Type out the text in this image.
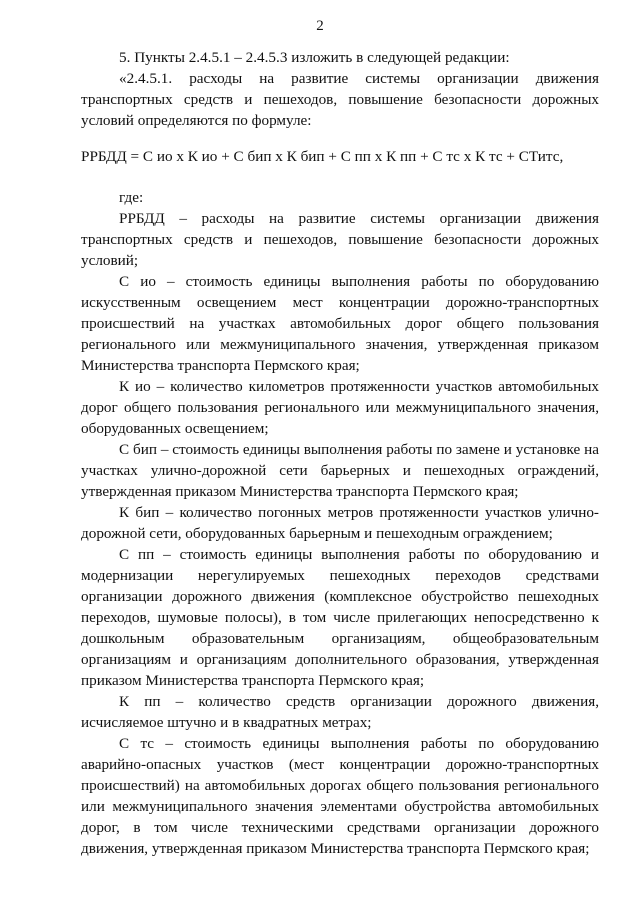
2

5. Пункты 2.4.5.1 – 2.4.5.3 изложить в следующей редакции:

«2.4.5.1. расходы на развитие системы организации движения транспортных средств и пешеходов, повышение безопасности дорожных условий определяются по формуле:

РРБДД = С ио х К ио + С бип х К бип + С пп х К пп + С тс х К тс + СТитс,

где:

РРБДД – расходы на развитие системы организации движения транспортных средств и пешеходов, повышение безопасности дорожных условий;

С ио – стоимость единицы выполнения работы по оборудованию искусственным освещением мест концентрации дорожно-транспортных происшествий на участках автомобильных дорог общего пользования регионального или межмуниципального значения, утвержденная приказом Министерства транспорта Пермского края;

К ио – количество километров протяженности участков автомобильных дорог общего пользования регионального или межмуниципального значения, оборудованных освещением;

С бип – стоимость единицы выполнения работы по замене и установке на участках улично-дорожной сети барьерных и пешеходных ограждений, утвержденная приказом Министерства транспорта Пермского края;

К бип – количество погонных метров протяженности участков улично-дорожной сети, оборудованных барьерным и пешеходным ограждением;

С пп – стоимость единицы выполнения работы по оборудованию и модернизации нерегулируемых пешеходных переходов средствами организации дорожного движения (комплексное обустройство пешеходных переходов, шумовые полосы), в том числе прилегающих непосредственно к дошкольным образовательным организациям, общеобразовательным организациям и организациям дополнительного образования, утвержденная приказом Министерства транспорта Пермского края;

К пп – количество средств организации дорожного движения, исчисляемое штучно и в квадратных метрах;

С тс – стоимость единицы выполнения работы по оборудованию аварийно-опасных участков (мест концентрации дорожно-транспортных происшествий) на автомобильных дорогах общего пользования регионального или межмуниципального значения элементами обустройства автомобильных дорог, в том числе техническими средствами организации дорожного движения, утвержденная приказом Министерства транспорта Пермского края;
